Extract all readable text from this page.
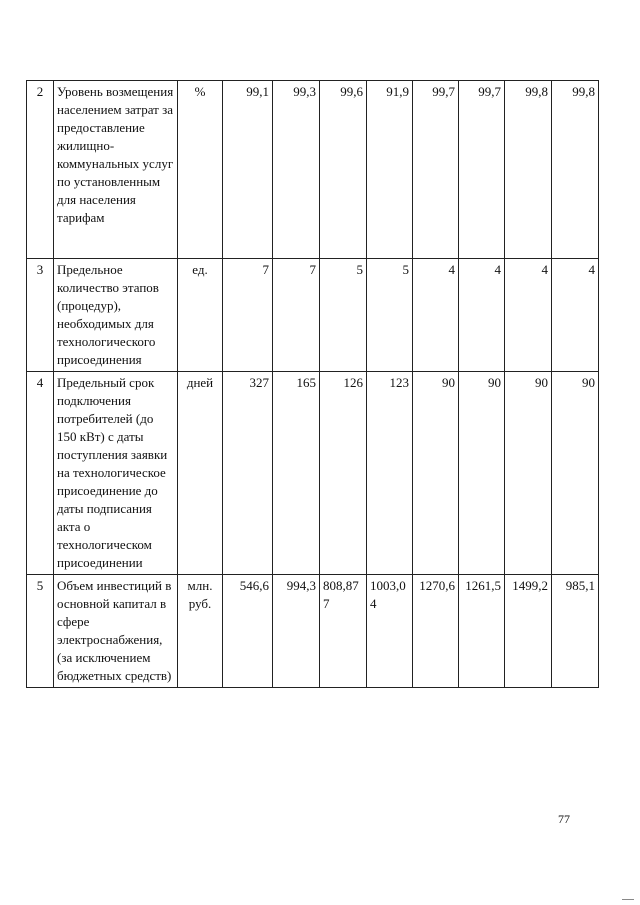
2	Уровень возмещения населением затрат за предоставление жилищно-коммунальных услуг по установленным для населения тарифам	%	99,1	99,3	99,6	91,9	99,7	99,7	99,8	99,8
3	Предельное количество этапов (процедур), необходимых для технологического присоединения	ед.	7	7	5	5	4	4	4	4
4	Предельный срок подключения потребителей (до 150 кВт) с даты поступления заявки на технологическое присоединение до даты подписания акта о технологическом присоединении	дней	327	165	126	123	90	90	90	90
5	Объем инвестиций в основной капитал в сфере электроснабжения, (за исключением бюджетных средств)	млн. руб.	546,6	994,3	808,877	1003,04	1270,6	1261,5	1499,2	985,1
77
